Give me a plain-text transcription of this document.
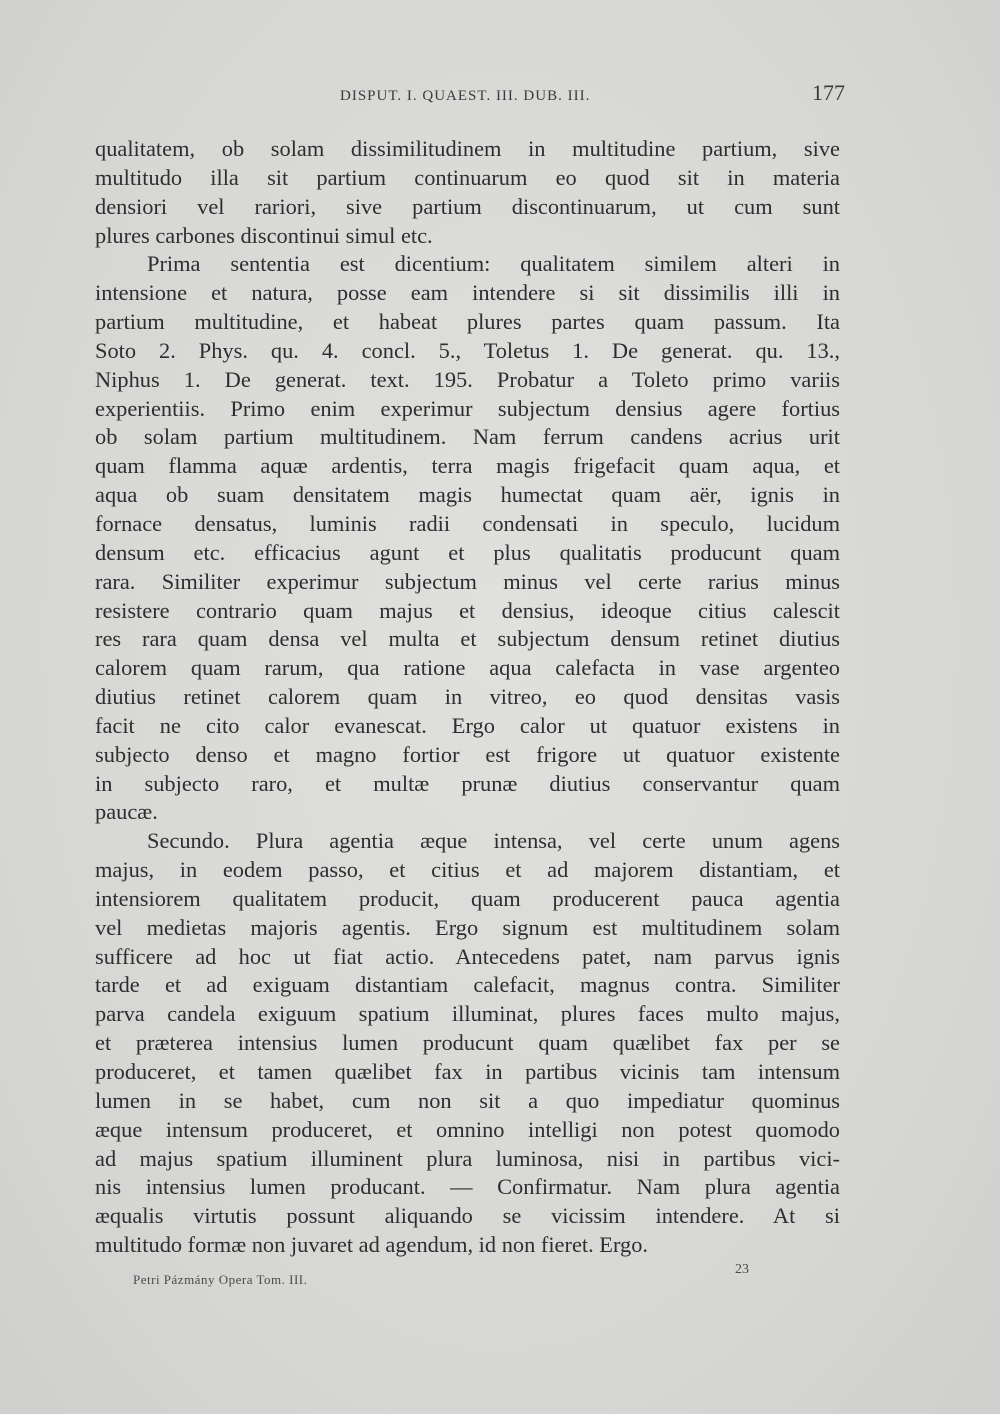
DISPUT. I. QUAEST. III. DUB. III.	177
qualitatem, ob solam dissimilitudinem in multitudine partium, sive
multitudo illa sit partium continuarum eo quod sit in materia
densiori vel rariori, sive partium discontinuarum, ut cum sunt
plures carbones discontinui simul etc.
Prima sententia est dicentium: qualitatem similem alteri in
intensione et natura, posse eam intendere si sit dissimilis illi in
partium multitudine, et habeat plures partes quam passum. Ita
Soto 2. Phys. qu. 4. concl. 5., Toletus 1. De generat. qu. 13.,
Niphus 1. De generat. text. 195. Probatur a Toleto primo variis
experientiis. Primo enim experimur subjectum densius agere fortius
ob solam partium multitudinem. Nam ferrum candens acrius urit
quam flamma aquæ ardentis, terra magis frigefacit quam aqua, et
aqua ob suam densitatem magis humectat quam aër, ignis in
fornace densatus, luminis radii condensati in speculo, lucidum
densum etc. efficacius agunt et plus qualitatis producunt quam
rara. Similiter experimur subjectum minus vel certe rarius minus
resistere contrario quam majus et densius, ideoque citius calescit
res rara quam densa vel multa et subjectum densum retinet diutius
calorem quam rarum, qua ratione aqua calefacta in vase argenteo
diutius retinet calorem quam in vitreo, eo quod densitas vasis
facit ne cito calor evanescat. Ergo calor ut quatuor existens in
subjecto denso et magno fortior est frigore ut quatuor existente
in subjecto raro, et multæ prunæ diutius conservantur quam
paucæ.
Secundo. Plura agentia æque intensa, vel certe unum agens
majus, in eodem passo, et citius et ad majorem distantiam, et
intensiorem qualitatem producit, quam producerent pauca agentia
vel medietas majoris agentis. Ergo signum est multitudinem solam
sufficere ad hoc ut fiat actio. Antecedens patet, nam parvus ignis
tarde et ad exiguam distantiam calefacit, magnus contra. Similiter
parva candela exiguum spatium illuminat, plures faces multo majus,
et præterea intensius lumen producunt quam quælibet fax per se
produceret, et tamen quælibet fax in partibus vicinis tam intensum
lumen in se habet, cum non sit a quo impediatur quominus
æque intensum produceret, et omnino intelligi non potest quomodo
ad majus spatium illuminent plura luminosa, nisi in partibus vici-
nis intensius lumen producant. — Confirmatur. Nam plura agentia
æqualis virtutis possunt aliquando se vicissim intendere. At si
multitudo formæ non juvaret ad agendum, id non fieret. Ergo.
Petri Pázmány Opera Tom. III.
23
